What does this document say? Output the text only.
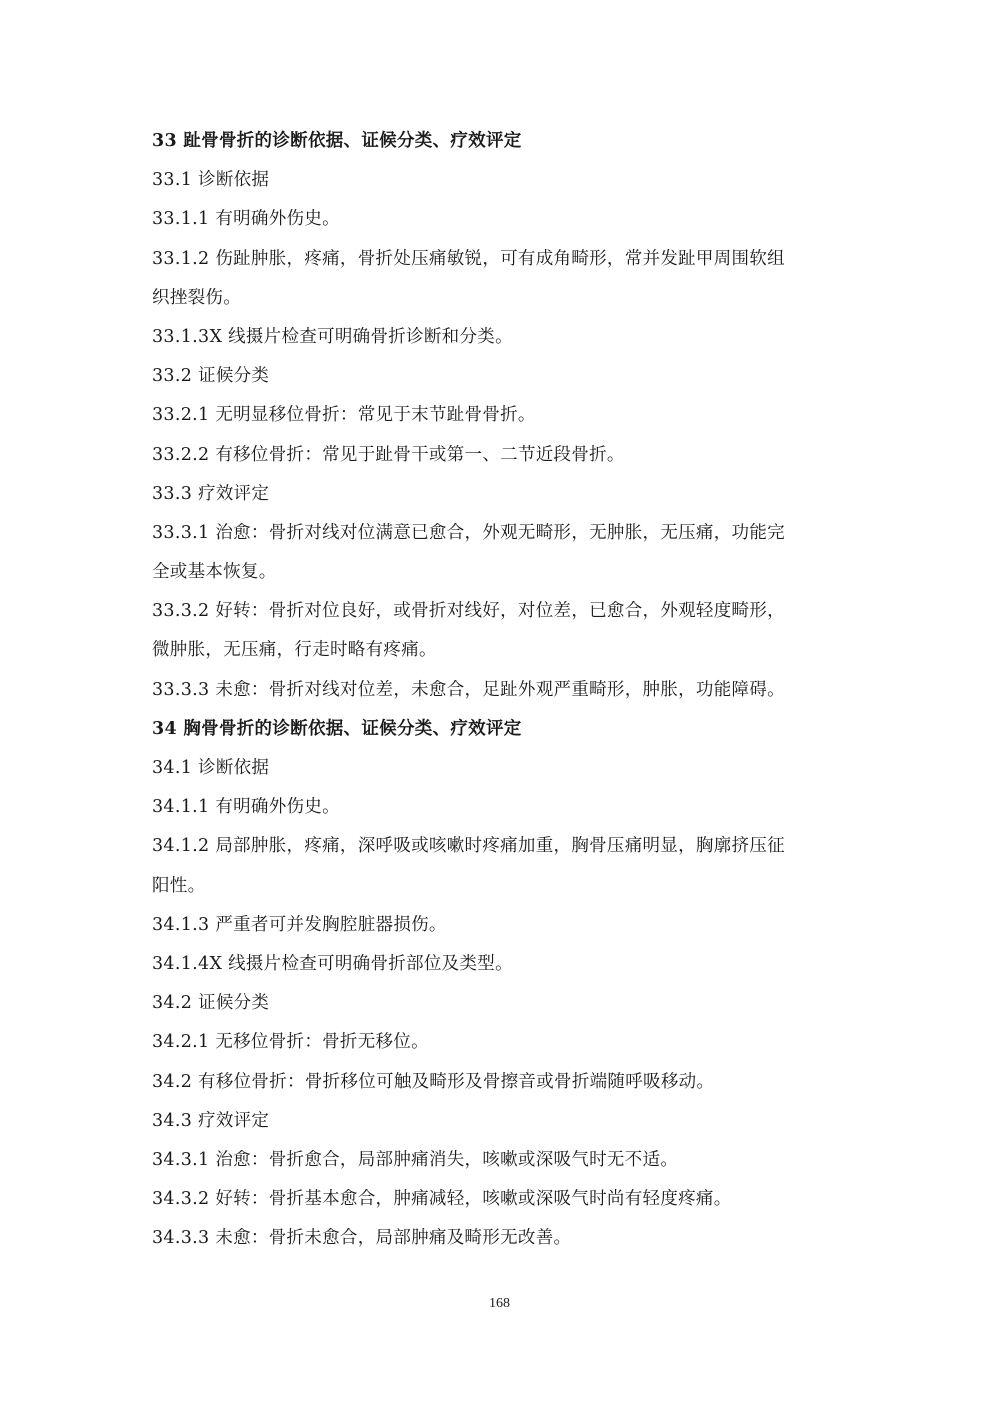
33 趾骨骨折的诊断依据、证候分类、疗效评定
33.1 诊断依据
33.1.1 有明确外伤史。
33.1.2 伤趾肿胀，疼痛，骨折处压痛敏锐，可有成角畸形，常并发趾甲周围软组
织挫裂伤。
33.1.3X 线摄片检查可明确骨折诊断和分类。
33.2 证候分类
33.2.1 无明显移位骨折：常见于末节趾骨骨折。
33.2.2 有移位骨折：常见于趾骨干或第一、二节近段骨折。
33.3 疗效评定
33.3.1 治愈：骨折对线对位满意已愈合，外观无畸形，无肿胀，无压痛，功能完
全或基本恢复。
33.3.2 好转：骨折对位良好，或骨折对线好，对位差，已愈合，外观轻度畸形，
微肿胀，无压痛，行走时略有疼痛。
33.3.3 未愈：骨折对线对位差，未愈合，足趾外观严重畸形，肿胀，功能障碍。
34 胸骨骨折的诊断依据、证候分类、疗效评定
34.1 诊断依据
34.1.1 有明确外伤史。
34.1.2 局部肿胀，疼痛，深呼吸或咳嗽时疼痛加重，胸骨压痛明显，胸廓挤压征
阳性。
34.1.3 严重者可并发胸腔脏器损伤。
34.1.4X 线摄片检查可明确骨折部位及类型。
34.2 证候分类
34.2.1 无移位骨折：骨折无移位。
34.2 有移位骨折：骨折移位可触及畸形及骨擦音或骨折端随呼吸移动。
34.3 疗效评定
34.3.1 治愈：骨折愈合，局部肿痛消失，咳嗽或深吸气时无不适。
34.3.2 好转：骨折基本愈合，肿痛减轻，咳嗽或深吸气时尚有轻度疼痛。
34.3.3 未愈：骨折未愈合，局部肿痛及畸形无改善。
168
